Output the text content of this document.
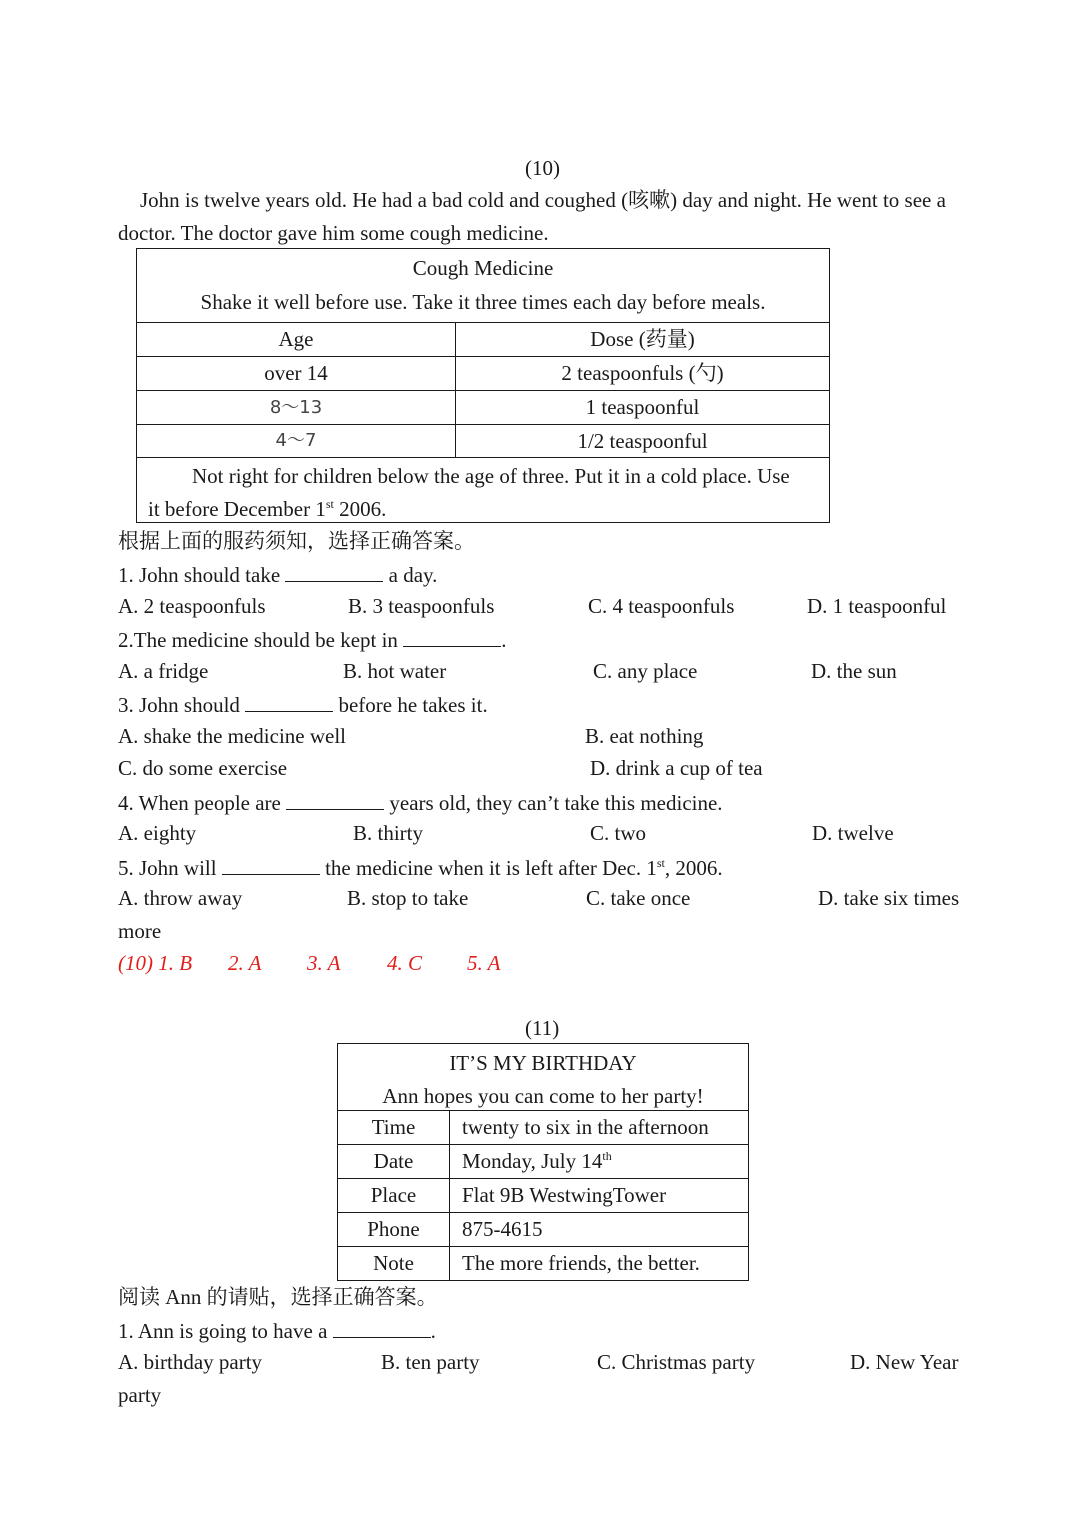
(10)
John is twelve years old. He had a bad cold and coughed (咳嗽) day and night. He went to see a
doctor. The doctor gave him some cough medicine.
Cough Medicine
Shake it well before use. Take it three times each day before meals.	

Age	Dose (药量)
over 14	2 teaspoonfuls (勺)
8～13	1 teaspoonful
4～7	1/2 teaspoonful

Not right for children below the age of three. Put it in a cold place. Use
it before December 1st 2006.	
根据上面的服药须知，选择正确答案。
1. John should take	a day.
A. 2 teaspoonfuls	B. 3 teaspoonfuls	C. 4 teaspoonfuls	D. 1 teaspoonful
2.The medicine should be kept in	.
A. a fridge	B. hot water	C. any place	D. the sun
3. John should	before he takes it.
A. shake the medicine well	B. eat nothing
C. do some exercise	D. drink a cup of tea
4. When people are	years old, they can’t take this medicine.
A. eighty	B. thirty	C. two	D. twelve
5. John will	the medicine when it is left after Dec. 1st, 2006.
A. throw away	B. stop to take	C. take once	D. take six times
more
(10) 1. B 2. A 3. A 4. C 5. A
(11)
IT’S MY BIRTHDAY
Ann hopes you can come to her party!	

Time	twenty to six in the afternoon
Date	Monday, July 14th
Place	Flat 9B WestwingTower
Phone	875-4615
Note	The more friends, the better.
阅读 Ann 的请贴，选择正确答案。
1. Ann is going to have a	.
A. birthday party	B. ten party	C. Christmas party	D. New Year
party
